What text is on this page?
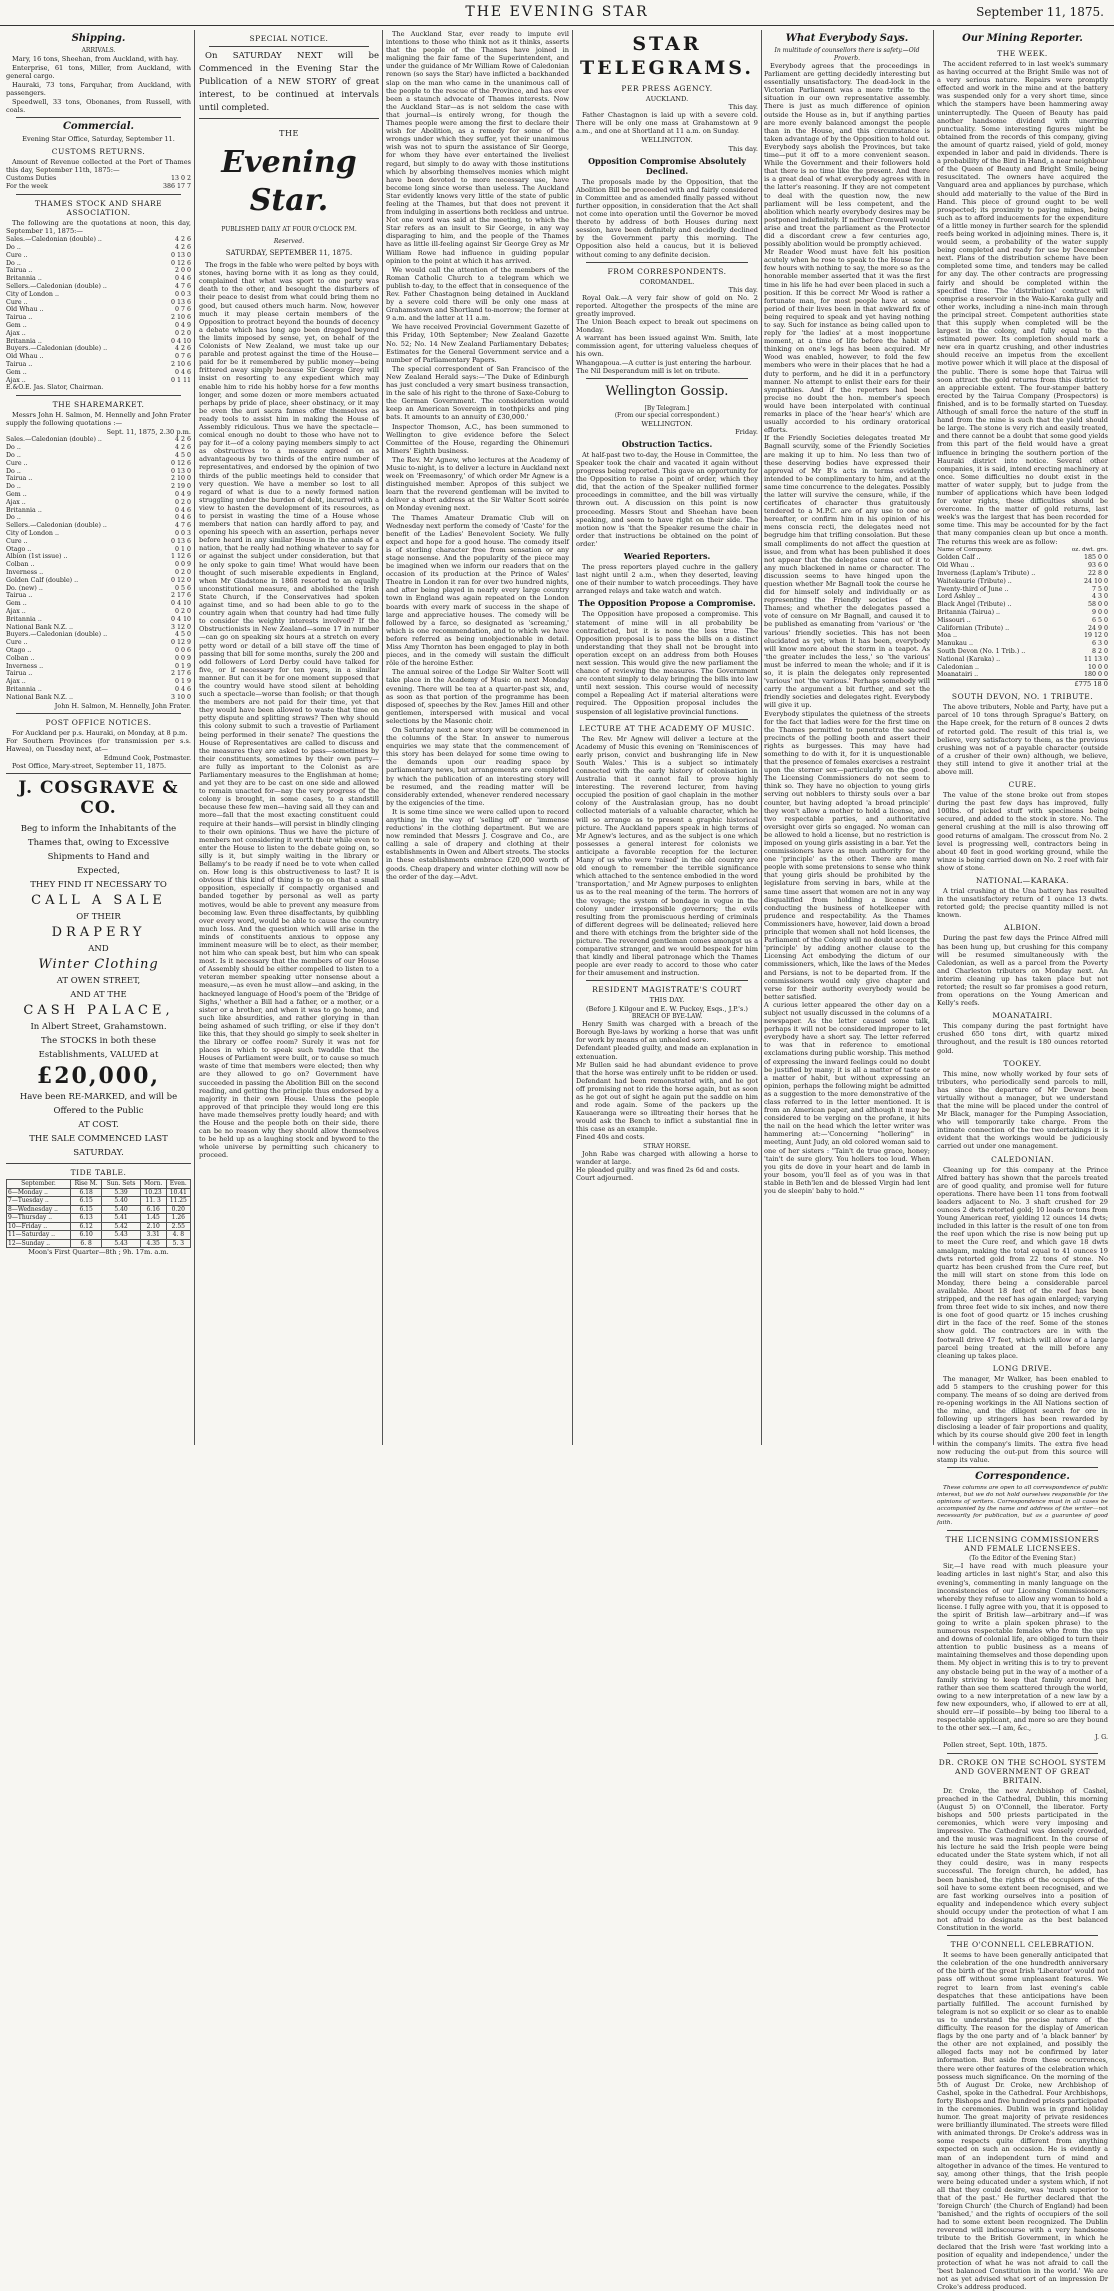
THE EVENING STAR	September 11, 1875.
Shipping.
ARRIVALS.

Mary, 16 tons, Sheehan, from Auckland, with hay.

Enterprise, 61 tons, Miller, from Auckland, with general cargo.

Hauraki, 73 tons, Farquhar, from Auckland, with passengers.

Speedwell, 33 tons, Obonanes, from Russell, with coals.

Commercial.
Evening Star Office, Saturday, September 11.
CUSTOMS RETURNS.

Amount of Revenue collected at the Port of Thames this day, September 11th, 1875:—

Customs Duties	13 0 2
For the week	386 17 7
THAMES STOCK AND SHARE ASSOCIATION.

The following are the quotations at noon, this day, September 11, 1875:—

Sales.—Caledonian (double) ..	4 2 6
Do ..	4 2 6
Cure ..	0 13 0
Do ..	0 12 6
Tairua ..	2 0 0
Britannia ..	0 4 6
Sellers.—Caledonian (double) ..	4 7 6
City of London ..	0 0 3
Cure ..	0 13 6
Old Whau ..	0 7 6
Tairua ..	2 10 6
Gem ..	0 4 9
Ajax ..	0 2 0
Britannia ..	0 4 10
Buyers.—Caledonian (double) ..	4 2 6
Old Whau ..	0 7 6
Tairua ..	2 10 6
Gem ..	0 4 6
Ajax ..	0 1 11
E.&O.E. Jas. Slator, Chairman.
THE SHAREMARKET.

Messrs John H. Salmon, M. Hennelly and John Frater supply the following quotations :—

Sept. 11, 1875, 2.30 p.m.
Sales.—Caledonian (double) ..	4 2 6
Do ..	4 2 6
Do ..	4 5 0
Cure ..	0 12 6
Do ..	0 13 0
Tairua ..	2 10 0
Do ..	2 19 0
Gem ..	0 4 9
Ajax ..	0 2 0
Britannia ..	0 4 6
Do ..	0 4 6
Sellers.—Caledonian (double) ..	4 7 6
City of London ..	0 0 3
Cure ..	0 13 6
Otago ..	0 1 0
Albion (1st issue) ..	1 12 6
Colban ..	0 0 9
Inverness ..	0 2 0
Golden Calf (double) ..	0 12 0
Do. (new) ..	0 5 6
Tairua ..	2 17 6
Gem ..	0 4 10
Ajax ..	0 2 0
Britannia ..	0 4 10
National Bank N.Z. ..	3 12 0
Buyers.—Caledonian (double) ..	4 5 0
Cure ..	0 12 9
Otago ..	0 0 6
Colban ..	0 0 9
Inverness ..	0 1 9
Tairua ..	2 17 6
Ajax ..	0 1 9
Britannia ..	0 4 6
National Bank N.Z. ..	3 10 0
John H. Salmon, M. Hennelly, John Frater.
POST OFFICE NOTICES.

For Auckland per p.s. Hauraki, on Monday, at 8 p.m.
For Southern Provinces (for transmission per s.s. Hawea), on Tuesday next, at—

Edmund Cook, Postmaster.

Post Office, Mary-street, September 11, 1875.

J. COSGRAVE & CO.
Beg to inform the Inhabitants of the
Thames that, owing to Excessive
Shipments to Hand and
Expected,
THEY FIND IT NECESSARY TO
CALL A SALE
OF THEIR
DRAPERY
AND
Winter Clothing
AT OWEN STREET,
AND AT THE
CASH PALACE,
In Albert Street, Grahamstown.
The STOCKS in both these Establishments, VALUED at
£20,000,
Have been RE-MARKED, and will be Offered to the Public
AT COST.
THE SALE COMMENCED LAST SATURDAY.
TIDE TABLE.
September.	Rise M.	Sun. Sets	Morn.	Even.
6—Monday ..	6.18	5.39	10.23	10.41
7—Tuesday ..	6.15	5.40	11. 3	11.25
8—Wednesday ..	6.15	5.40	6.16	0.20
9—Thursday ..	6.13	5.41	1.45	1.26
10—Friday ..	6.12	5.42	2.10	2.55
11—Saturday ..	6.10	5.43	3.31	4. 8
12—Sunday ..	6. 8	5.43	4.35	5. 3
Moon's First Quarter—8th ; 9h. 17m. a.m.
SPECIAL NOTICE.

On SATURDAY NEXT will be Commenced in the Evening Star the Publication of a NEW STORY of great interest, to be continued at intervals until completed.

THE
Evening Star.
PUBLISHED DAILY AT FOUR O'CLOCK P.M.
Reserved.
SATURDAY, SEPTEMBER 11, 1875.

The frogs in the fable who were pelted by boys with stones, having borne with it as long as they could, complained that what was sport to one party was death to the other, and besought the disturbers of their peace to desist from what could bring them no good, but caused others much harm. Now, however much it may please certain members of the Opposition to protract beyond the bounds of decency a debate which has long ago been dragged beyond the limits imposed by sense, yet, on behalf of the Colonists of New Zealand, we must take up our parable and protest against the time of the House—paid for be it remembered by public money—being frittered away simply because Sir George Grey will insist on resorting to any expedient which may enable him to ride his hobby horse for a few months longer, and some dozen or more members actuated perhaps by pride of place, sheer obstinacy, or it may be even the auri sacra fames offer themselves as ready tools to assist him in making the House of Assembly ridiculous. Thus we have the spectacle—comical enough no doubt to those who have not to pay for it—of a colony paying members simply to act as obstructives to a measure agreed on as advantageous by two thirds of the entire number of representatives, and endorsed by the opinion of two thirds of the public meetings held to consider that very question. We have a member so lost to all regard of what is due to a newly formed nation struggling under the burden of debt, incurred with a view to hasten the development of its resources, as to persist in wasting the time of a House whose members that nation can hardly afford to pay, and opening his speech with an assertion, perhaps never before heard in any similar House in the annals of a nation, that he really had nothing whatever to say for or against the subject under consideration, but that he only spoke to gain time! What would have been thought of such miserable expedients in England, when Mr Gladstone in 1868 resorted to an equally unconstitutional measure, and abolished the Irish State Church, if the Conservatives had spoken against time, and so had been able to go to the country again when that country had had time fully to consider the weighty interests involved? If the Obstructionists in New Zealand—some 17 in number—can go on speaking six hours at a stretch on every petty word or detail of a bill stave off the time of passing that bill for some months, surely the 200 and odd followers of Lord Derby could have talked for five, or if necessary for ten years, in a similar manner. But can it be for one moment supposed that the country would have stood silent at beholding such a spectacle—worse than foolish; or that though the members are not paid for their time, yet that they would have been allowed to waste that time on petty dispute and splitting straws? Then why should this colony submit to such a travestie of Parliament being performed in their senate? The questions the House of Representatives are called to discuss and the measures they are asked to pass—sometimes by their constituents, sometimes by their own party—are fully as important to the Colonist as are Parliamentary measures to the Englishman at home; and yet they are to be cast on one side and allowed to remain unacted for—nay the very progress of the colony is brought, in some cases, to a standstill because these few men—having said all they can and more—fall that the most exacting constituent could require at their hands—will persist in blindly clinging to their own opinions. Thus we have the picture of members not considering it worth their while even to enter the House to listen to the debate going on, so silly is it, but simply waiting in the library or Bellamy's to be ready if need be to vote when called on. How long is this obstructiveness to last? It is obvious if this kind of thing is to go on that a small opposition, especially if compactly organised and banded together by personal as well as party motives, would be able to prevent any measure from becoming law. Even three disaffectants, by quibbling over every word, would be able to cause the country much loss. And the question which will arise in the minds of constituents anxious to oppose any imminent measure will be to elect, as their member, not him who can speak best, but him who can speak most. Is it necessary that the members of our House of Assembly should be either compelled to listen to a veteran member speaking utter nonsense about a measure,—as even he must allow—and asking, in the hackneyed language of Hood's poem of the 'Bridge of Sighs,' whether a Bill had a father, or a mother, or a sister or a brother, and when it was to go home, and such like absurdities, and rather glorying in than being ashamed of such trifling, or else if they don't like this, that they should go simply to seek shelter in the library or coffee room? Surely it was not for places in which to speak such twaddle that the Houses of Parliament were built, or to cause so much waste of time that members were elected; then why are they allowed to go on? Government have succeeded in passing the Abolition Bill on the second reading, and getting the principle thus endorsed by a majority in their own House. Unless the people approved of that principle they would long ere this have made themselves pretty loudly heard; and with the House and the people both on their side, there can be no reason why they should allow themselves to be held up as a laughing stock and byword to the whole universe by permitting such chicanery to proceed.

The Auckland Star, ever ready to impute evil intentions to those who think not as it thinks, asserts that the people of the Thames have joined in maligning the fair fame of the Superintendent, and under the guidance of Mr William Rowe of Caledonian renown (so says the Star) have inflicted a backhanded slap on the man who came in the unanimous call of the people to the rescue of the Province, and has ever been a staunch advocate of Thames interests. Now the Auckland Star—as is not seldom the case with that journal—is entirely wrong, for though the Thames people were among the first to declare their wish for Abolition, as a remedy for some of the wrongs under which they suffer, yet their unanimous wish was not to spurn the assistance of Sir George, for whom they have ever entertained the liveliest regard, but simply to do away with those institutions which by absorbing themselves monies which might have been devoted to more necessary use, have become long since worse than useless. The Auckland Star evidently knows very little of the state of public feeling at the Thames, but that does not prevent it from indulging in assertions both reckless and untrue. Not one word was said at the meeting, to which the Star refers as an insult to Sir George, in any way disparaging to him, and the people of the Thames have as little ill-feeling against Sir George Grey as Mr William Rowe had influence in guiding popular opinion to the point at which it has arrived.

We would call the attention of the members of the Roman Catholic Church to a telegram which we publish to-day, to the effect that in consequence of the Rev. Father Chastagnon being detained in Auckland by a severe cold there will be only one mass at Grahamstown and Shortland to-morrow; the former at 9 a.m. and the latter at 11 a.m.

We have received Provincial Government Gazette of this Friday, 10th September; New Zealand Gazette No. 52; No. 14 New Zealand Parliamentary Debates; Estimates for the General Government service and a number of Parliamentary Papers.

The special correspondent of San Francisco of the New Zealand Herald says:—'The Duke of Edinburgh has just concluded a very smart business transaction, in the sale of his right to the throne of Saxe-Coburg to the German Government. The consideration would keep an American Sovereign in toothpicks and ping bats. It amounts to an annuity of £30,000.'

Inspector Thomson, A.C., has been summoned to Wellington to give evidence before the Select Committee of the House, regarding the Ohinemuri Miners' Eighth business.

The Rev. Mr Agnew, who lectures at the Academy of Music to-night, is to deliver a lecture in Auckland next week on 'Freemasonry,' of which order Mr Agnew is a distinguished member. Apropos of this subject we learn that the reverend gentleman will be invited to deliver a short address at the Sir Walter Scott soirée on Monday evening next.

The Thames Amateur Dramatic Club will on Wednesday next perform the comedy of 'Caste' for the benefit of the Ladies' Benevolent Society. We fully expect and hope for a good house. The comedy itself is of sterling character free from sensation or any stage nonsense. And the popularity of the piece may be imagined when we inform our readers that on the occasion of its production at the Prince of Wales' Theatre in London it ran for over two hundred nights, and after being played in nearly every large country town in England was again repeated on the London boards with every mark of success in the shape of large and appreciative houses. The comedy will be followed by a farce, so designated as 'screaming,' which is one recommendation, and to which we have before referred as being unobjectionable in detail. Miss Amy Thornton has been engaged to play in both pieces, and in the comedy will sustain the difficult rôle of the heroine Esther.

The annual soiree of the Lodge Sir Walter Scott will take place in the Academy of Music on next Monday evening. There will be tea at a quarter-past six, and, as soon as that portion of the programme has been disposed of, speeches by the Rev. James Hill and other gentlemen, interspersed with musical and vocal selections by the Masonic choir.

On Saturday next a new story will be commenced in the columns of the Star. In answer to numerous enquiries we may state that the commencement of this story has been delayed for some time owing to the demands upon our reading space by parliamentary news, but arrangements are completed by which the publication of an interesting story will be resumed, and the reading matter will be considerably extended, whenever rendered necessary by the exigencies of the time.

It is some time since we were called upon to record anything in the way of 'selling off' or 'immense reductions' in the clothing department. But we are now reminded that Messrs J. Cosgrave and Co., are calling a sale of drapery and clothing at their establishments in Owen and Albert streets. The stocks in these establishments embrace £20,000 worth of goods. Cheap drapery and winter clothing will now be the order of the day.—Advt.

STAR TELEGRAMS.
PER PRESS AGENCY.
AUCKLAND.
This day.

Father Chastagnon is laid up with a severe cold. There will be only one mass at Grahamstown at 9 a.m., and one at Shortland at 11 a.m. on Sunday.

WELLINGTON.
This day.
Opposition Compromise Absolutely Declined.

The proposals made by the Opposition, that the Abolition Bill be proceeded with and fairly considered in Committee and as amended finally passed without further opposition, in consideration that the Act shall not come into operation until the Governor be moved thereto by address of both Houses during next session, have been definitely and decidedly declined by the Government party this morning. The Opposition also held a caucus, but it is believed without coming to any definite decision.

FROM CORRESPONDENTS.
COROMANDEL.
This day.

Royal Oak.—A very fair show of gold on No. 2 reported. Altogether the prospects of the mine are greatly improved.
The Union Beach expect to break out specimens on Monday.
A warrant has been issued against Wm. Smith, late commission agent, for uttering valueless cheques of his own.
Whangapoua.—A cutter is just entering the harbour.
The Nil Desperandum mill is let on tribute.

Wellington Gossip.
[By Telegram.]
(From our special correspondent.)
WELLINGTON.
Friday.
Obstruction Tactics.

At half-past two to-day, the House in Committee, the Speaker took the chair and vacated it again without progress being reported. This gave an opportunity for the Opposition to raise a point of order, which they did, that the action of the Speaker nullified former proceedings in committee, and the bill was virtually thrown out. A discussion on this point is now proceeding. Messrs Stout and Sheehan have been speaking, and seem to have right on their side. The motion now is 'that the Speaker resume the chair in order that instructions be obtained on the point of order.'

Wearied Reporters.

The press reporters played cuchre in the gallery last night until 2 a.m., when they deserted, leaving one of their number to watch proceedings. They have arranged relays and take watch and watch.

The Opposition Propose a Compromise.

The Opposition have proposed a compromise. This statement of mine will in all probability be contradicted, but it is none the less true. The Opposition proposal is to pass the bills on a distinct understanding that they shall not be brought into operation except on an address from both Houses next session. This would give the new parliament the chance of reviewing the measures. The Government are content simply to delay bringing the bills into law until next session. This course would of necessity compel a Repealing Act if material alterations were required. The Opposition proposal includes the suspension of all legislative provincial functions.

LECTURE AT THE ACADEMY OF MUSIC.

The Rev. Mr Agnew will deliver a lecture at the Academy of Music this evening on 'Reminiscences of early prison, convict and bushranging life in New South Wales.' This is a subject so intimately connected with the early history of colonisation in Australia that it cannot fail to prove highly interesting. The reverend lecturer, from having occupied the position of gaol chaplain in the mother colony of the Australasian group, has no doubt collected materials of a valuable character, which he will so arrange as to present a graphic historical picture. The Auckland papers speak in high terms of Mr Agnew's lectures, and as the subject is one which possesses a general interest for colonists we anticipate a favorable reception for the lecturer. Many of us who were 'raised' in the old country are old enough to remember the terrible significance which attached to the sentence embodied in the word 'transportation,' and Mr Agnew purposes to enlighten us as to the real meaning of the term. The horrors of the voyage; the system of bondage in vogue in the colony under irresponsible governors; the evils resulting from the promiscuous herding of criminals of different degrees will be delineated; relieved here and there with etchings from the brighter side of the picture. The reverend gentleman comes amongst us a comparative stranger, and we would bespeak for him that kindly and liberal patronage which the Thames people are ever ready to accord to those who cater for their amusement and instruction.

RESIDENT MAGISTRATE'S COURT
THIS DAY.
(Before J. Kilgour and E. W. Puckey, Esqs., J.P.'s.)
BREACH OF BYE-LAW.

Henry Smith was charged with a breach of the Borough Bye-laws by working a horse that was unfit for work by means of an unhealed sore.
Defendant pleaded guilty, and made an explanation in extenuation.
Mr Bullen said he had abundant evidence to prove that the horse was entirely unfit to be ridden or used. Defendant had been remonstrated with, and he got off promising not to ride the horse again, but as soon as he got out of sight he again put the saddle on him and rode again. Some of the packers up the Kauaeranga were so illtreating their horses that he would ask the Bench to inflict a substantial fine in this case as an example.
Fined 40s and costs.

STRAY HORSE.

John Rabe was charged with allowing a horse to wander at large.
He pleaded guilty and was fined 2s 6d and costs.
Court adjourned.

What Everybody Says.
In multitude of counsellors there is safety.—Old Proverb.

Everybody agrees that the proceedings in Parliament are getting decidedly interesting but essentially unsatisfactory. The dead-lock in the Victorian Parliament was a mere trifle to the situation in our own representative assembly. There is just as much difference of opinion outside the House as in, but if anything parties are more evenly balanced amongst the people than in the House, and this circumstance is taken advantage of by the Opposition to hold out. Everybody says abolish the Provinces, but take time—put it off to a more convenient season. While the Government and their followers hold that there is no time like the present. And there is a great deal of what everybody agrees with in the latter's reasoning. If they are not competent to deal with the question now, the new parliament will be less competent, and the abolition which nearly everybody desires may be postponed indefinitely. If neither Cromwell would arise and treat the parliament as the Protector did a discordant crew a few centuries ago, possibly abolition would be promptly achieved.
Mr Reader Wood must have felt his position acutely when he rose to speak to the House for a few hours with nothing to say, the more so as the honorable member asserted that it was the first time in his life he had ever been placed in such a position. If this be correct Mr Wood is rather a fortunate man, for most people have at some period of their lives been in that awkward fix of being required to speak and yet having nothing to say. Such for instance as being called upon to reply for 'the ladies' at a most inopportune moment, at a time of life before the habit of thinking on one's legs has been acquired. Mr Wood was enabled, however, to fold the few members who were in their places that he had a duty to perform, and he did it in a perfunctory manner. No attempt to enlist their ears for their sympathies. And if the reporters had been precise no doubt the hon. member's speech would have been interpolated with continual remarks in place of the 'hear hear's' which are usually accorded to his ordinary oratorical efforts.
If the Friendly Societies delegates treated Mr Bagnall scurvily, some of the Friendly Societies are making it up to him. No less than two of these deserving bodies have expressed their approval of Mr B's acts in terms evidently intended to be complimentary to him, and at the same time concurrence to the delegates. Possibly the latter will survive the censure, while, if the certificates of character thus gratuitously tendered to a M.P.C. are of any use to one or hereafter, or confirm him in his opinion of his mens conscia recti, the delegates need not begrudge him that trifling consolation. But these small compliments do not affect the question at issue, and from what has been published it does not appear that the delegates came out of it to any much blackened in name or character. The discussion seems to have hinged upon the question whether Mr Bagnall took the course he did for himself solely and individually or as representing the Friendly societies of the Thames; and whether the delegates passed a vote of censure on Mr Bagnall, and caused it to be published as emanating from 'various' or 'the various' friendly societies. This has not been elucidated as yet; when it has been, everybody will know more about the storm in a teapot. As 'the greater includes the less,' so 'the various' must be inferred to mean the whole; and if it is so, it is plain the delegates only represented 'various' not 'the various.' Perhaps somebody will carry the argument a bit further, and set the friendly societies and delegates right. Everybody will give it up.
Everybody stipulates the quietness of the streets for the fact that ladies were for the first time on the Thames permitted to penetrate the sacred precincts of the polling booth and assert their rights as burgesses. This may have had something to do with it, for it is unquestionable that the presence of females exercises a restraint upon the sterner sex—particularly on the good. The Licensing Commissioners do not seem to think so. They have no objection to young girls serving out nobblers to thirsty souls over a bar counter, but having adopted 'a broad principle' they won't allow a mother to hold a license, and two respectable parties, and authoritative oversight over girls so engaged. No woman can be allowed to hold a license, but no restriction is imposed on young girls assisting in a bar. Yet the commissioners have as much authority for the one 'principle' as the other. There are many people with some pretensions to sense who think that young girls should be prohibited by the legislature from serving in bars, while at the same time assert that women are not in any way disqualified from holding a license and conducting the business of hotelkeeper with prudence and respectability. As the Thames Commissioners have, however, laid down a broad principle that women shall not hold licenses, the Parliament of the Colony will no doubt accept the 'principle' by adding another clause to the Licensing Act embodying the dictum of our commissioners, which, like the laws of the Medes and Persians, is not to be departed from. If the commissioners would only give chapter and verse for their authority everybody would be better satisfied.
A curious letter appeared the other day on a subject not usually discussed in the columns of a newspaper. As the letter caused some talk, perhaps it will not be considered improper to let everybody have a short say. The letter referred to was that in reference to emotional exclamations during public worship. This method of expressing the inward feelings could no doubt be justified by many; it is all a matter of taste or a matter of habit, but without expressing an opinion, perhaps the following might be admitted as a suggestion to the more demonstrative of the class referred to in the letter mentioned. It is from an American paper, and although it may be considered to be verging on the profane, it hits the nail on the head which the letter writer was hammering at:—'Concerning "hollering" in meeting, Aunt Judy, an old colored woman said to one of her sisters : "Tain't de true grace, honey; 'tain't de sure glory. You hollers too loud. When you gits de dove in your heart and de lamb in your bosom, you'll feel as of you was in that stable in Beth'len and de blessed Virgin had lent you de sleepin' baby to hold."'

Our Mining Reporter.
THE WEEK.

The accident referred to in last week's summary as having occurred at the Bright Smile was not of a very serious nature. Repairs were promptly effected and work in the mine and at the battery was suspended only for a very short time, since which the stampers have been hammering away uninterruptedly. The Queen of Beauty has paid another handsome dividend with unerring punctuality. Some interesting figures might be obtained from the records of this company, giving the amount of quartz raised, yield of gold, money expended in labor and paid in dividends. There is a probability of the Bird in Hand, a near neighbour of the Queen of Beauty and Bright Smile, being resuscitated. The owners have acquired the Vanguard area and appliances by purchase, which should add materially to the value of the Bird in Hand. This piece of ground ought to be well prospected; its proximity to paying mines, being such as to afford inducements for the expenditure of a little money in further search for the splendid reefs being worked in adjoining mines. There is, it would seem, a probability of the water supply being completed and ready for use by December next. Plans of the distribution scheme have been completed some time, and tenders may be called for any day. The other contracts are progressing fairly and should be completed within the specified time. The 'distribution' contract will comprise a reservoir in the Waio-Karaka gully and other works, including a nine-inch main through the principal street. Competent authorities state that this supply when completed will be the largest in the colony, and fully equal to the estimated power. Its completion should mark a new era in quartz crushing, and other industries should receive an impetus from the excellent motive power which it will place at the disposal of the public. There is some hope that Tairua will soon attract the gold returns from this district to an appreciable extent. The four-stamper battery erected by the Tairua Company (Prospectors) is finished, and is to be formally started on Tuesday. Although of small force the nature of the stuff in hand from the mine is such that the yield should be large. The stone is very rich and easily treated, and there cannot be a doubt that some good yields from this part of the field would have a great influence in bringing the southern portion of the Hauraki district into notice. Several other companies, it is said, intend erecting machinery at once. Some difficulties no doubt exist in the matter of water supply, but to judge from the number of applications which have been lodged for water rights, these difficulties should be overcome. In the matter of gold returns, last week's was the largest that has been recorded for some time. This may be accounted for by the fact that many companies clean up but once a month. The returns this week are as follow:

Name of Company.	oz. dwt. grs.
Golden Calf ..	185 0 0
Old Whau ..	93 6 0
Inverness (Laplam's Tribute) ..	22 8 0
Waitekaurie (Tribute) ..	24 10 0
Twenty-third of June ..	7 5 0
Lord Ashley ..	4 3 0
Black Angel (Tribute) ..	58 0 0
Britannia (Tairua) ..	9 0 0
Missouri ..	6 5 0
Californian (Tribute) ..	24 9 0
Moa ..	19 12 0
Manukau ..	6 3 0
South Devon (No. 1 Trib.) ..	8 2 0
National (Karaka) ..	11 13 0
Caledonian ..	10 0 0
Moanatairi ..	180 0 0
£775 18 0
SOUTH DEVON, NO. 1 TRIBUTE.

The above tributers, Noble and Party, have put a parcel of 10 tons through Sprague's Battery, on the Hape creek, for the return of 8 ounces 2 dwts of retorted gold. The result of this trial is, we believe, very satisfactory to them, as the previous crushing was not of a payable character (outside of a crusher of their own) although, we believe, they still intend to give it another trial at the above mill.

CURE.

The value of the stone broke out from stopes during the past few days has improved, fully 100lbs. of picked stuff with specimens being secured, and added to the stock in store. No. The general crushing at the mill is also throwing off good returns of amalgam. The crosscut from No. 2 level is progressing well, contractors being in about 40 feet in good working ground, while the winze is being carried down on No. 2 reef with fair show of stone.

NATIONAL—KARAKA.

A trial crushing at the Una battery has resulted in the unsatisfactory return of 1 ounce 13 dwts. retorted gold; the precise quantity milled is not known.

ALBION.

During the past few days the Prince Alfred mill has been hung up, but crushing for this company will be resumed simultaneously with the Caledonian, as well as a parcel from the Poverty and Charleston tributers on Monday next. An interim cleaning up has taken place but not retorted; the result so far promises a good return, from operations on the Young American and Kelly's reefs.

MOANATAIRI.

This company during the past fortnight have crushed 650 tons dirt, with quartz mixed throughout, and the result is 180 ounces retorted gold.

TOOKEY.

This mine, now wholly worked by four sets of tributers, who periodically send parcels to mill, has since the departure of Mr Dewar been virtually without a manager, but we understand that the mine will be placed under the control of Mr Black, manager for the Pumping Association, who will temporarily take charge. From the intimate connection of the two undertakings it is evident that the workings would be judiciously carried out under one management.

CALEDONIAN.

Cleaning up for this company at the Prince Alfred battery has shown that the parcels treated are of good quality, and promise well for future operations. There have been 11 tons from footwall leaders adjacent to No. 3 shaft crushed for 29 ounces 2 dwts retorted gold; 10 loads or tons from Young American reef, yielding 12 ounces 14 dwts; included in this latter is the result of one ton from the reef upon which the rise is now being put up to meet the Cure reef, and which gave 18 dwts amalgam, making the total equal to 41 ounces 19 dwts retorted gold from 22 tons of stone. No quartz has been crushed from the Cure reef, but the mill will start on stone from this lode on Monday, there being a considerable parcel available. About 18 feet of the reef has been stripped, and the reef has again enlarged; varying from three feet wide to six inches, and now there is one foot of good quartz or 15 inches crushing dirt in the face of the reef. Some of the stones show gold. The contractors are in with the footwall drive 47 feet, which will allow of a large parcel being treated at the mill before any cleaning up takes place.

LONG DRIVE.

The manager, Mr Walker, has been enabled to add 5 stampers to the crushing power for this company. The means of so doing are derived from re-opening workings in the All Nations section of the mine, and the diligent search for ore in following up stringers has been rewarded by disclosing a leader of fair proportions and quality, which by its course should give 200 feet in length within the company's limits. The extra five head now reducing the out-put from this source will stamp its value.

Correspondence.

These columns are open to all correspondence of public interest, but we do not hold ourselves responsible for the opinions of writers. Correspondence must in all cases be accompanied by the name and address of the writer—not necessarily for publication, but as a guarantee of good faith.

THE LICENSING COMMISSIONERS AND FEMALE LICENSEES.
(To the Editor of the Evening Star.)

Sir,—I have read with much pleasure your leading articles in last night's Star, and also this evening's, commenting in manly language on the inconsistencies of our Licensing Commissioners; whereby they refuse to allow any woman to hold a license. I fully agree with you, that it is opposed to the spirit of British law—arbitrary and—if was going to write a plain spoken phrase) to the numerous respectable females who from the ups and downs of colonial life, are obliged to turn their attention to public business as a means of maintaining themselves and those depending upon them. My object in writing this is to try to prevent any obstacle being put in the way of a mother of a family striving to keep that family around her, rather than see them scattered through the world, owing to a new interpretation of a new law by a few new expounders, who, if allowed to err at all, should err—if possible—by being too liberal to a respectable applicant, and more so are they bound to the other sex.—I am, &c.,

J. G.

Pollen street, Sept. 10th, 1875.

DR. CROKE ON THE SCHOOL SYSTEM AND GOVERNMENT OF GREAT BRITAIN.

Dr. Croke, the new Archbishop of Cashel, preached in the Cathedral, Dublin, this morning (August 5) on O'Connell, the liberator. Forty bishops and 500 priests participated in the ceremonies, which were very imposing and impressive. The Cathedral was densely crowded, and the music was magnificent. In the course of his lecture he said the Irish people were being educated under the State system which, if not all they could desire, was in many respects successful. The foreign church, he added, has been banished, the rights of the occupiers of the soil have to some extent been recognised, and we are fast working ourselves into a position of equality and independence which every subject should occupy under the protection of what I am not afraid to designate as the best balanced Constitution in the world.

THE O'CONNELL CELEBRATION.

It seems to have been generally anticipated that the celebration of the one hundredth anniversary of the birth of the great Irish 'Liberator' would not pass off without some unpleasant features. We regret to learn from last evening's cable despatches that these anticipations have been partially fulfilled. The account furnished by telegram is not so explicit or so clear as to enable us to understand the precise nature of the difficulty. The reason for the display of American flags by the one party and of 'a black banner' by the other are not explained, and possibly the alleged facts may not be confirmed by later information. But aside from these occurrences, there were other features of the celebration which possess much significance. On the morning of the 5th of August Dr. Croke, new Archbishop of Cashel, spoke in the Cathedral. Four Archbishops, forty Bishops and five hundred priests participated in the ceremonies. Dublin was in grand holiday humor. The great majority of private residences were brilliantly illuminated. The streets were filled with animated throngs. Dr Croke's address was in some respects quite different from anything expected on such an occasion. He is evidently a man of an independent turn of mind and altogether in advance of the times. He ventured to say, among other things, that the Irish people were being educated under a system which, if not all that they could desire, was 'much superior to that of the past.' He further declared that the 'foreign Church' (the Church of England) had been 'banished,' and the rights of occupiers of the soil had to some extent been recognized. The Dublin reverend will indiscourse with a very handsome tribute to the British Government, in which he declared that the Irish were 'fast working into a position of equality and independence,' under the protection of what he was not afraid to call the 'best balanced Constitution in the world.' We are not as yet advised what sort of an impression Dr Croke's address produced.
